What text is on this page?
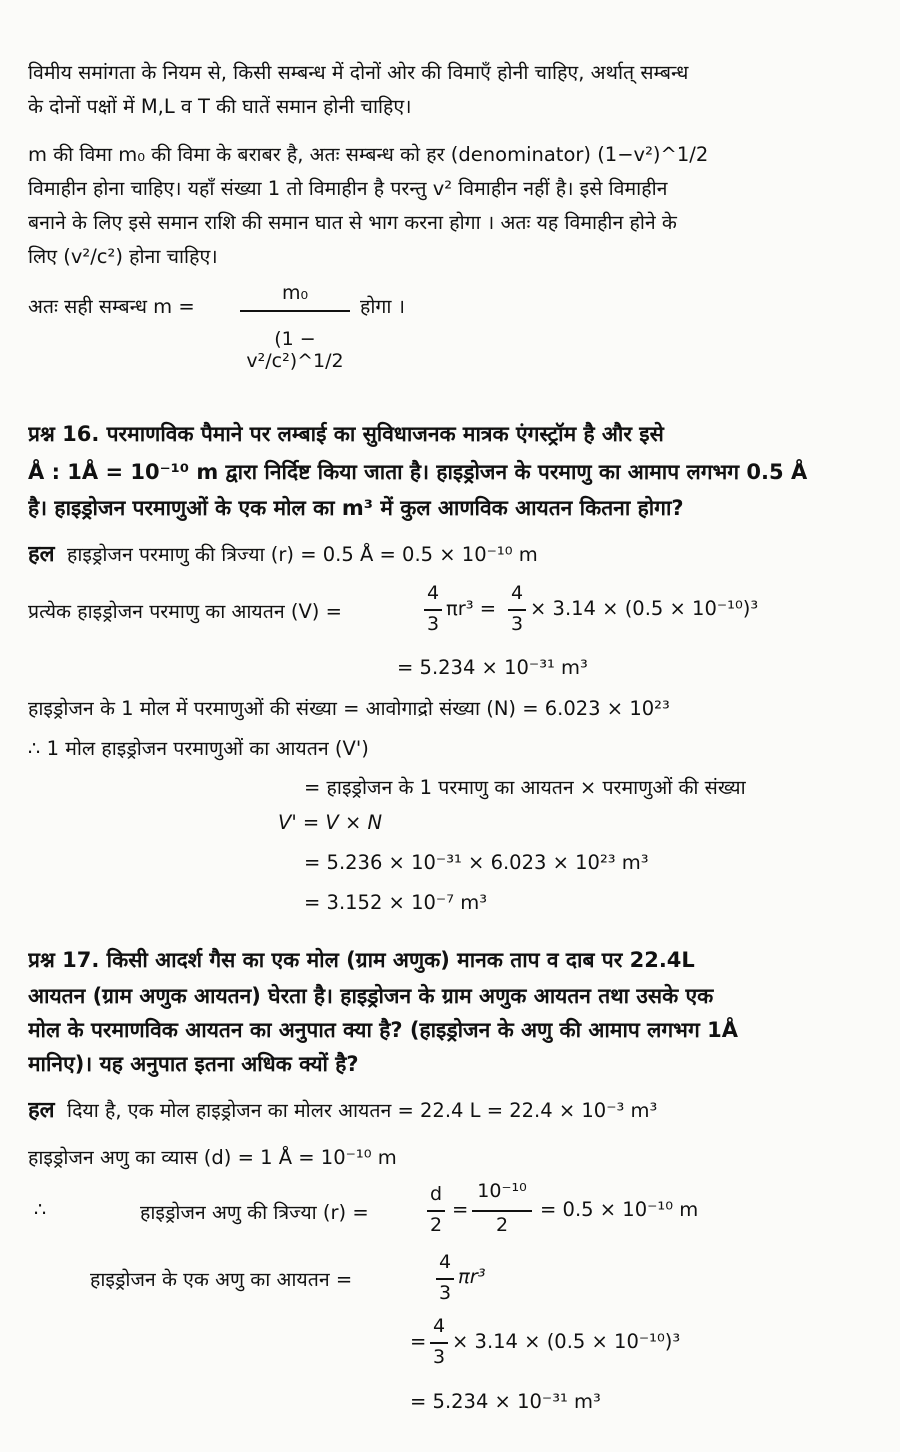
विमीय समांगता के नियम से, किसी सम्बन्ध में दोनों ओर की विमाएँ होनी चाहिए, अर्थात् सम्बन्ध
के दोनों पक्षों में M,L व T की घातें समान होनी चाहिए।
m की विमा m₀ की विमा के बराबर है, अतः सम्बन्ध को हर (denominator) (1−v²)^1/2
विमाहीन होना चाहिए। यहाँ संख्या 1 तो विमाहीन है परन्तु v² विमाहीन नहीं है। इसे विमाहीन
बनाने के लिए इसे समान राशि की समान घात से भाग करना होगा । अतः यह विमाहीन होने के
लिए (v²/c²) होना चाहिए।
अतः सही सम्बन्ध m =
m₀
(1 − v²/c²)^1/2
होगा ।
प्रश्न 16. परमाणविक पैमाने पर लम्बाई का सुविधाजनक मात्रक एंगस्ट्रॉम है और इसे
Å : 1Å = 10⁻¹⁰ m द्वारा निर्दिष्ट किया जाता है। हाइड्रोजन के परमाणु का आमाप लगभग 0.5 Å
है। हाइड्रोजन परमाणुओं के एक मोल का m³ में कुल आणविक आयतन कितना होगा?
हल हाइड्रोजन परमाणु की त्रिज्या (r) = 0.5 Å = 0.5 × 10⁻¹⁰ m
प्रत्येक हाइड्रोजन परमाणु का आयतन (V) =
4
3
πr³ =
4
3
× 3.14 × (0.5 × 10⁻¹⁰)³
= 5.234 × 10⁻³¹ m³
हाइड्रोजन के 1 मोल में परमाणुओं की संख्या = आवोगाद्रो संख्या (N) = 6.023 × 10²³
∴ 1 मोल हाइड्रोजन परमाणुओं का आयतन (V')
= हाइड्रोजन के 1 परमाणु का आयतन × परमाणुओं की संख्या
V' = V × N
= 5.236 × 10⁻³¹ × 6.023 × 10²³ m³
= 3.152 × 10⁻⁷ m³
प्रश्न 17. किसी आदर्श गैस का एक मोल (ग्राम अणुक) मानक ताप व दाब पर 22.4L
आयतन (ग्राम अणुक आयतन) घेरता है। हाइड्रोजन के ग्राम अणुक आयतन तथा उसके एक
मोल के परमाणविक आयतन का अनुपात क्या है? (हाइड्रोजन के अणु की आमाप लगभग 1Å
मानिए)। यह अनुपात इतना अधिक क्यों है?
हल दिया है, एक मोल हाइड्रोजन का मोलर आयतन = 22.4 L = 22.4 × 10⁻³ m³
हाइड्रोजन अणु का व्यास (d) = 1 Å = 10⁻¹⁰ m
∴	हाइड्रोजन अणु की त्रिज्या (r) =
d
2
=
10⁻¹⁰
2
= 0.5 × 10⁻¹⁰ m
हाइड्रोजन के एक अणु का आयतन =
4
3
πr³
=
4
3
× 3.14 × (0.5 × 10⁻¹⁰)³
= 5.234 × 10⁻³¹ m³
